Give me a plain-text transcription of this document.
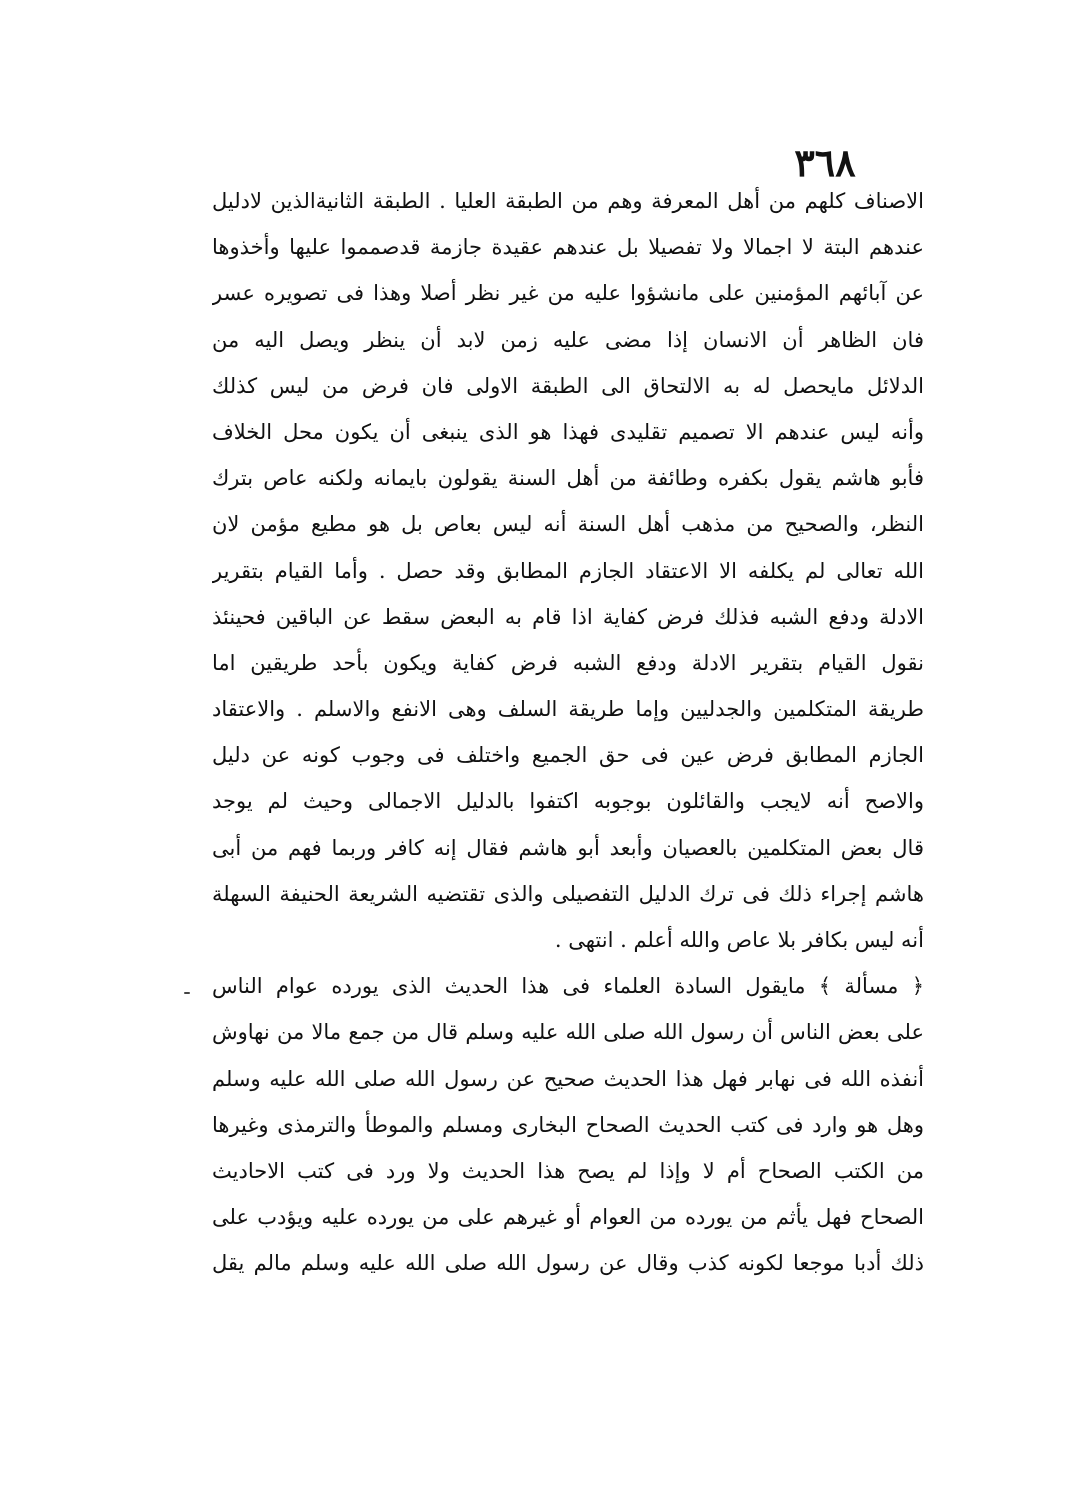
٣٦٨
الاصناف كلهم من أهل المعرفة وهم من الطبقة العليا . الطبقة الثانيةالذين لادليل
عندهم البتة لا اجمالا ولا تفصيلا بل عندهم عقيدة جازمة قدصمموا عليها وأخذوها
عن آبائهم المؤمنين على مانشؤوا عليه من غير نظر أصلا وهذا فى تصويره عسر
فان الظاهر أن الانسان إذا مضى عليه زمن لابد أن ينظر ويصل اليه من
الدلائل مايحصل له به الالتحاق الى الطبقة الاولى فان فرض من ليس كذلك
وأنه ليس عندهم الا تصميم تقليدى فهذا هو الذى ينبغى أن يكون محل الخلاف
فأبو هاشم يقول بكفره وطائفة من أهل السنة يقولون بايمانه ولكنه عاص بترك
النظر، والصحيح من مذهب أهل السنة أنه ليس بعاص بل هو مطيع مؤمن لان
الله تعالى لم يكلفه الا الاعتقاد الجازم المطابق وقد حصل . وأما القيام بتقرير
الادلة ودفع الشبه فذلك فرض كفاية اذا قام به البعض سقط عن الباقين فحينئذ
نقول القيام بتقرير الادلة ودفع الشبه فرض كفاية ويكون بأحد طريقين اما
طريقة المتكلمين والجدليين وإما طريقة السلف وهى الانفع والاسلم . والاعتقاد
الجازم المطابق فرض عين فى حق الجميع واختلف فى وجوب كونه عن دليل
والاصح أنه لايجب والقائلون بوجوبه اكتفوا بالدليل الاجمالى وحيث لم يوجد
قال بعض المتكلمين بالعصيان وأبعد أبو هاشم فقال إنه كافر وربما فهم من أبى
هاشم إجراء ذلك فى ترك الدليل التفصيلى والذى تقتضيه الشريعة الحنيفة السهلة
أنه ليس بكافر بلا عاص والله أعلم . انتهى .
﴿ مسألة ﴾ مايقول السادة العلماء فى هذا الحديث الذى يورده عوام الناس
على بعض الناس أن رسول الله صلى الله عليه وسلم قال من جمع مالا من نهاوش
أنفذه الله فى نهابر فهل هذا الحديث صحيح عن رسول الله صلى الله عليه وسلم
وهل هو وارد فى كتب الحديث الصحاح البخارى ومسلم والموطأ والترمذى وغيرها
من الكتب الصحاح أم لا وإذا لم يصح هذا الحديث ولا ورد فى كتب الاحاديث
الصحاح فهل يأثم من يورده من العوام أو غيرهم على من يورده عليه ويؤدب على
ذلك أدبا موجعا لكونه كذب وقال عن رسول الله صلى الله عليه وسلم مالم يقل
